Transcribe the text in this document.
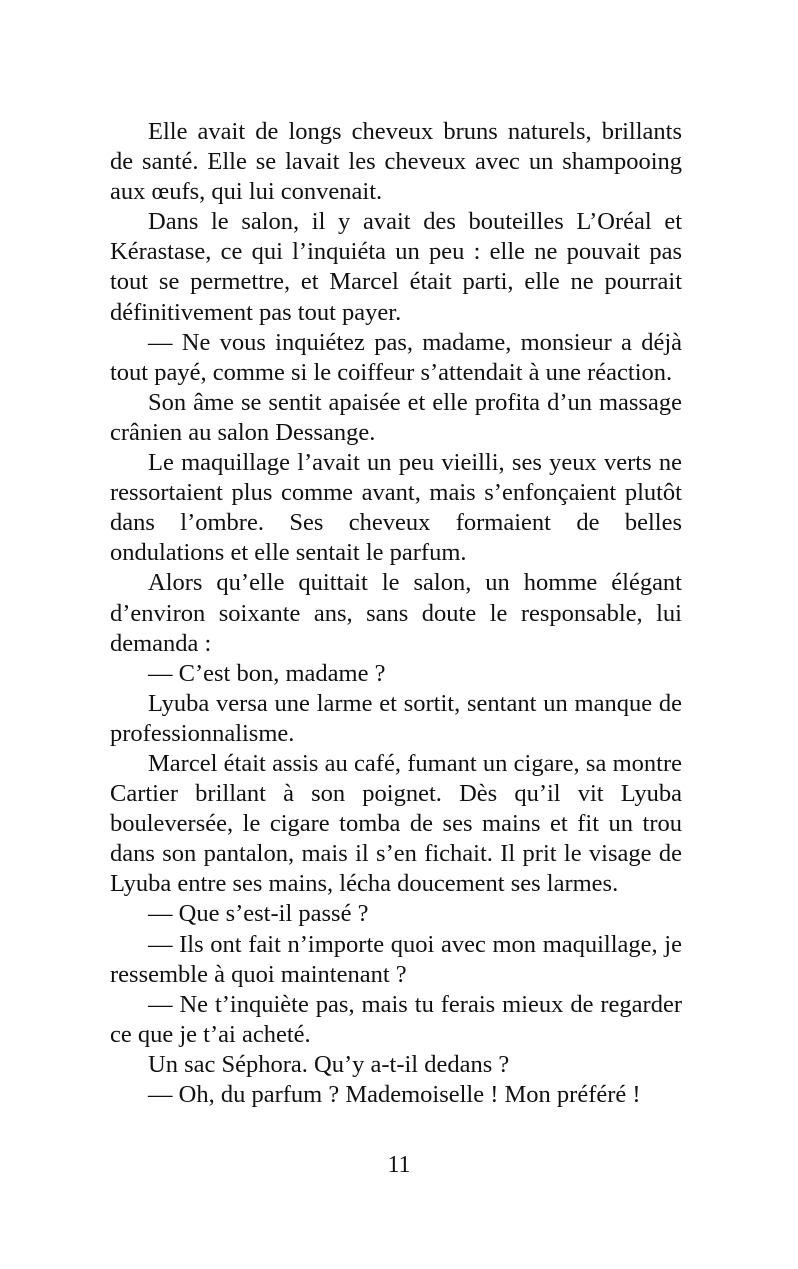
Elle avait de longs cheveux bruns naturels, brillants de santé. Elle se lavait les cheveux avec un shampooing aux œufs, qui lui convenait.

Dans le salon, il y avait des bouteilles L’Oréal et Kérastase, ce qui l’inquiéta un peu : elle ne pouvait pas tout se permettre, et Marcel était parti, elle ne pourrait définitivement pas tout payer.

— Ne vous inquiétez pas, madame, monsieur a déjà tout payé, comme si le coiffeur s’attendait à une réaction.

Son âme se sentit apaisée et elle profita d’un massage crânien au salon Dessange.

Le maquillage l’avait un peu vieilli, ses yeux verts ne ressortaient plus comme avant, mais s’enfonçaient plutôt dans l’ombre. Ses cheveux formaient de belles ondulations et elle sentait le parfum.

Alors qu’elle quittait le salon, un homme élégant d’environ soixante ans, sans doute le responsable, lui demanda :

— C’est bon, madame ?

Lyuba versa une larme et sortit, sentant un manque de professionnalisme.

Marcel était assis au café, fumant un cigare, sa montre Cartier brillant à son poignet. Dès qu’il vit Lyuba bouleversée, le cigare tomba de ses mains et fit un trou dans son pantalon, mais il s’en fichait. Il prit le visage de Lyuba entre ses mains, lécha doucement ses larmes.

— Que s’est-il passé ?

— Ils ont fait n’importe quoi avec mon maquillage, je ressemble à quoi maintenant ?

— Ne t’inquiète pas, mais tu ferais mieux de regarder ce que je t’ai acheté.

Un sac Séphora. Qu’y a-t-il dedans ?

— Oh, du parfum ? Mademoiselle ! Mon préféré !

11
